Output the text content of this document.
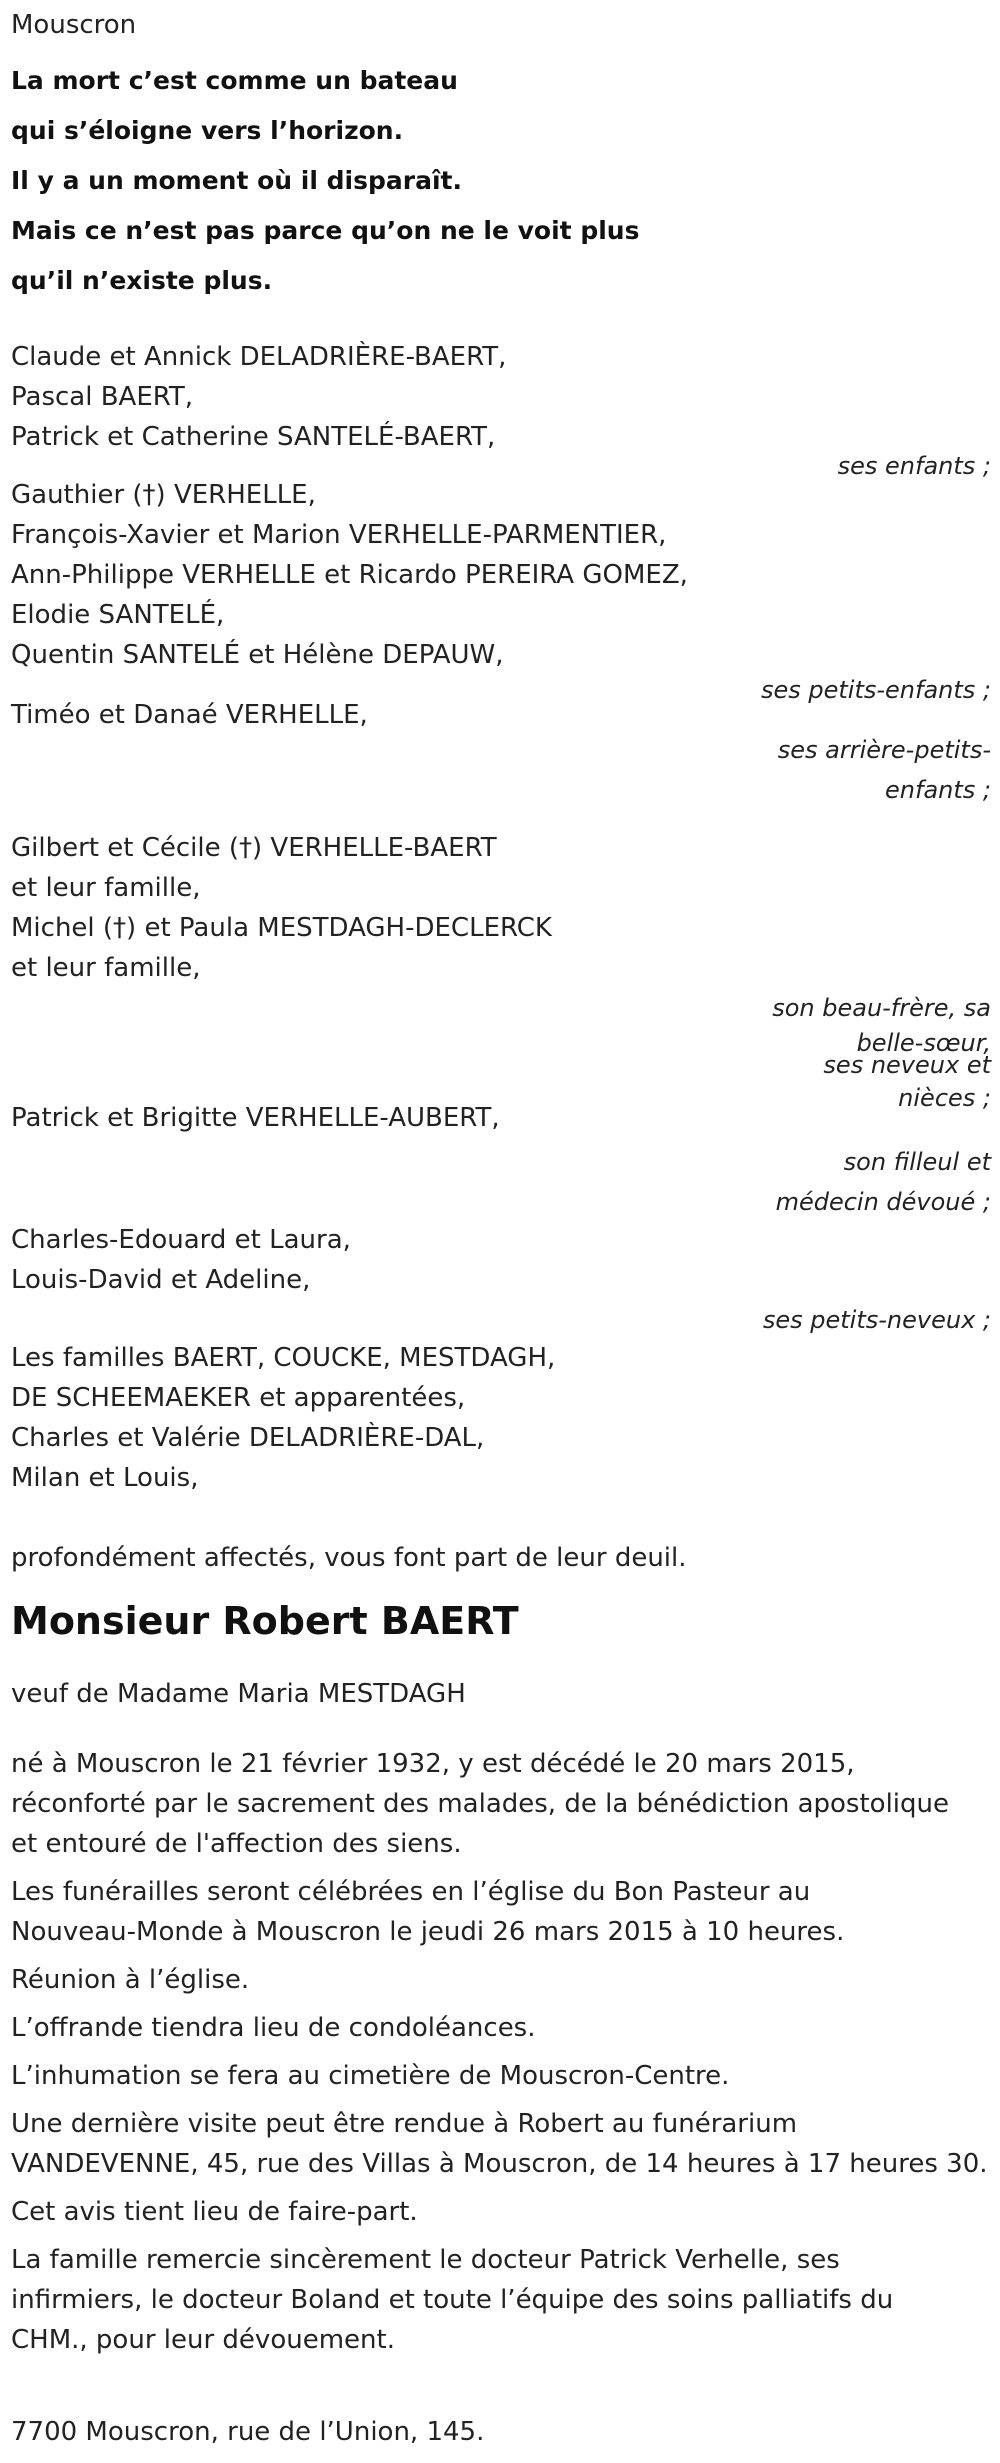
Mouscron
La mort c’est comme un bateau
qui s’éloigne vers l’horizon.
Il y a un moment où il disparaît.
Mais ce n’est pas parce qu’on ne le voit plus
qu’il n’existe plus.
Claude et Annick DELADRIÈRE-BAERT,
Pascal BAERT,
Patrick et Catherine SANTELÉ-BAERT,
ses enfants ;
Gauthier (†) VERHELLE,
François-Xavier et Marion VERHELLE-PARMENTIER,
Ann-Philippe VERHELLE et Ricardo PEREIRA GOMEZ,
Elodie SANTELÉ,
Quentin SANTELÉ et Hélène DEPAUW,
ses petits-enfants ;
Timéo et Danaé VERHELLE,
ses arrière-petits-
enfants ;
Gilbert et Cécile (†) VERHELLE-BAERT
et leur famille,
Michel (†) et Paula MESTDAGH-DECLERCK
et leur famille,
son beau-frère, sa
belle-sœur,
ses neveux et
nièces ;
Patrick et Brigitte VERHELLE-AUBERT,
son filleul et
médecin dévoué ;
Charles-Edouard et Laura,
Louis-David et Adeline,
ses petits-neveux ;
Les familles BAERT, COUCKE, MESTDAGH,
DE SCHEEMAEKER et apparentées,
Charles et Valérie DELADRIÈRE-DAL,
Milan et Louis,
profondément affectés, vous font part de leur deuil.
Monsieur Robert BAERT
veuf de Madame Maria MESTDAGH
né à Mouscron le 21 février 1932, y est décédé le 20 mars 2015,
réconforté par le sacrement des malades, de la bénédiction apostolique
et entouré de l'affection des siens.
Les funérailles seront célébrées en l’église du Bon Pasteur au
Nouveau-Monde à Mouscron le jeudi 26 mars 2015 à 10 heures.
Réunion à l’église.
L’offrande tiendra lieu de condoléances.
L’inhumation se fera au cimetière de Mouscron-Centre.
Une dernière visite peut être rendue à Robert au funérarium
VANDEVENNE, 45, rue des Villas à Mouscron, de 14 heures à 17 heures 30.
Cet avis tient lieu de faire-part.
La famille remercie sincèrement le docteur Patrick Verhelle, ses
infirmiers, le docteur Boland et toute l’équipe des soins palliatifs du
CHM., pour leur dévouement.
7700 Mouscron, rue de l’Union, 145.
